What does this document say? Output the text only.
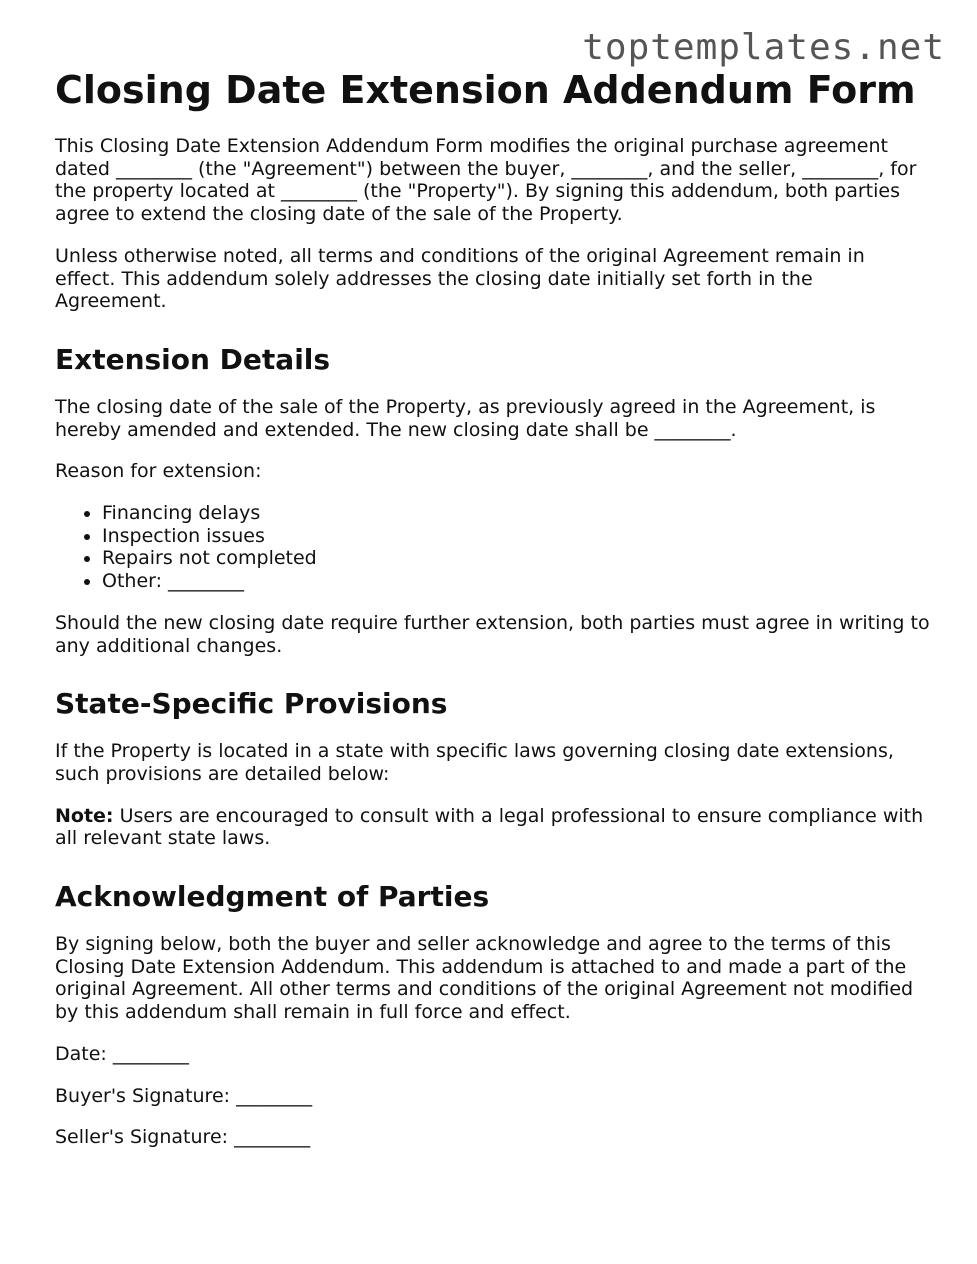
toptemplates.net
Closing Date Extension Addendum Form

This Closing Date Extension Addendum Form modifies the original purchase agreement dated ________ (the "Agreement") between the buyer, ________, and the seller, ________, for the property located at ________ (the "Property"). By signing this addendum, both parties agree to extend the closing date of the sale of the Property.

Unless otherwise noted, all terms and conditions of the original Agreement remain in effect. This addendum solely addresses the closing date initially set forth in the Agreement.

Extension Details

The closing date of the sale of the Property, as previously agreed in the Agreement, is hereby amended and extended. The new closing date shall be ________.

Reason for extension:

• Financing delays
• Inspection issues
• Repairs not completed
• Other: ________

Should the new closing date require further extension, both parties must agree in writing to any additional changes.

State-Specific Provisions

If the Property is located in a state with specific laws governing closing date extensions, such provisions are detailed below:

Note: Users are encouraged to consult with a legal professional to ensure compliance with all relevant state laws.

Acknowledgment of Parties

By signing below, both the buyer and seller acknowledge and agree to the terms of this Closing Date Extension Addendum. This addendum is attached to and made a part of the original Agreement. All other terms and conditions of the original Agreement not modified by this addendum shall remain in full force and effect.

Date: ________

Buyer's Signature: ________

Seller's Signature: ________
